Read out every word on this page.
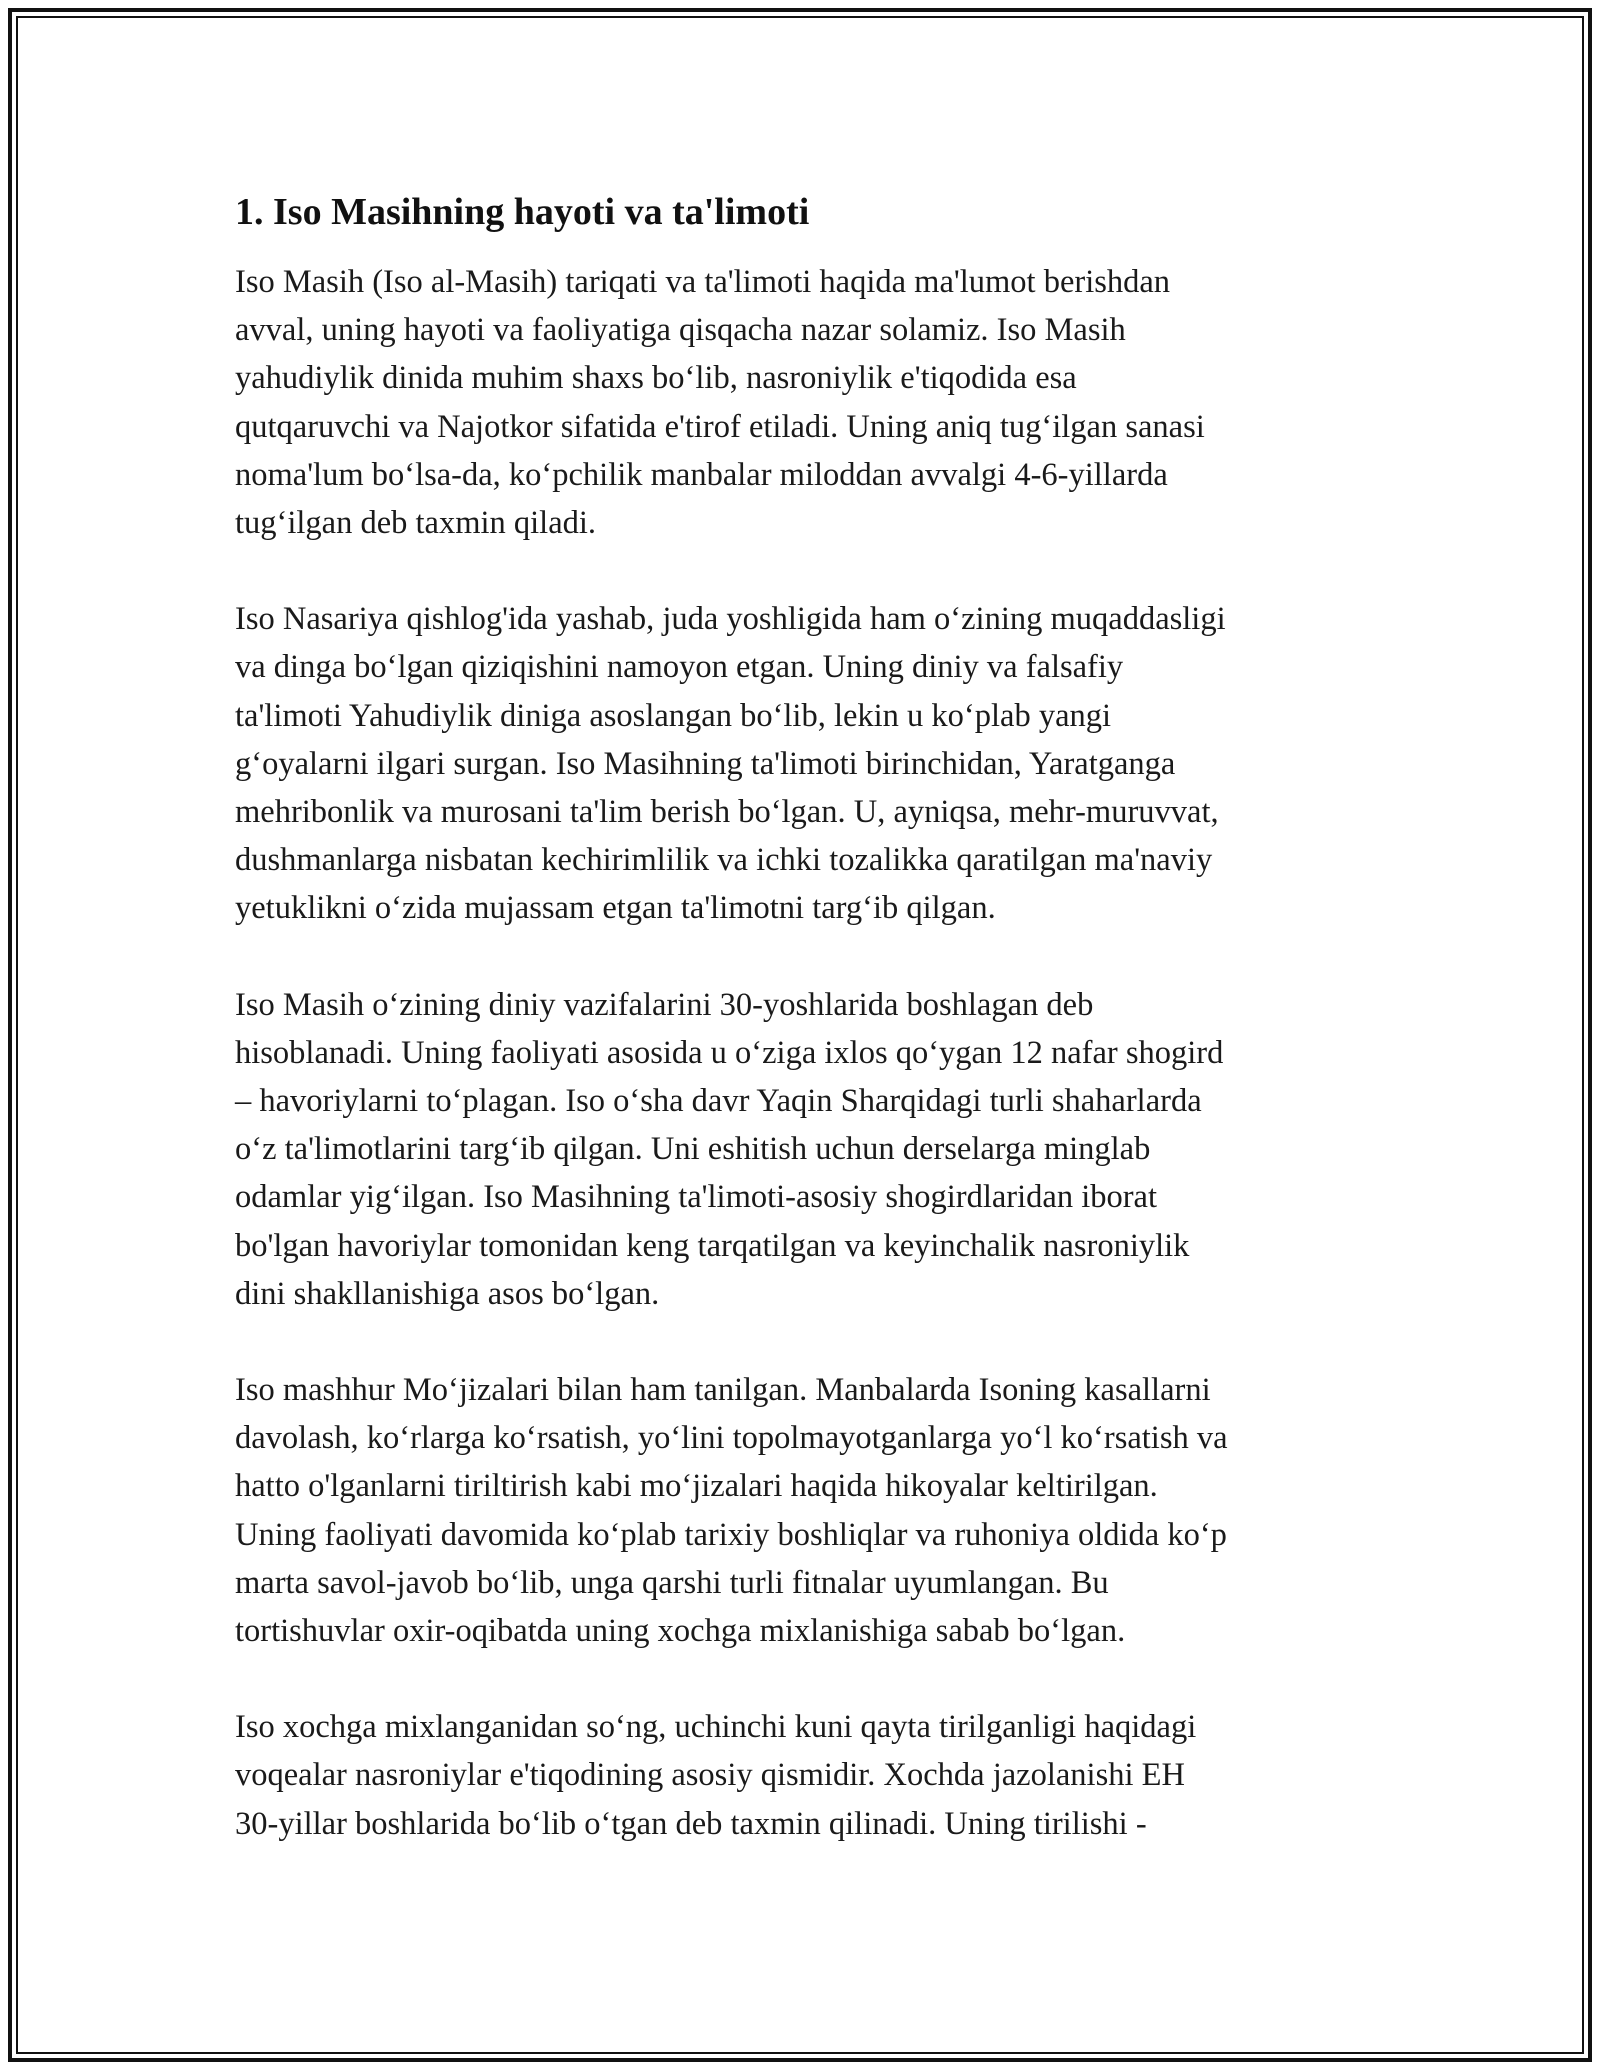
1. Iso Masihning hayoti va ta'limoti
Iso Masih (Iso al-Masih) tariqati va ta'limoti haqida ma'lumot berishdan
avval, uning hayoti va faoliyatiga qisqacha nazar solamiz. Iso Masih
yahudiylik dinida muhim shaxs bo‘lib, nasroniylik e'tiqodida esa
qutqaruvchi va Najotkor sifatida e'tirof etiladi. Uning aniq tug‘ilgan sanasi
noma'lum bo‘lsa-da, ko‘pchilik manbalar miloddan avvalgi 4-6-yillarda
tug‘ilgan deb taxmin qiladi.
Iso Nasariya qishlog'ida yashab, juda yoshligida ham o‘zining muqaddasligi
va dinga bo‘lgan qiziqishini namoyon etgan. Uning diniy va falsafiy
ta'limoti Yahudiylik diniga asoslangan bo‘lib, lekin u ko‘plab yangi
g‘oyalarni ilgari surgan. Iso Masihning ta'limoti birinchidan, Yaratganga
mehribonlik va murosani ta'lim berish bo‘lgan. U, ayniqsa, mehr-muruvvat,
dushmanlarga nisbatan kechirimlilik va ichki tozalikka qaratilgan ma'naviy
yetuklikni o‘zida mujassam etgan ta'limotni targ‘ib qilgan.
Iso Masih o‘zining diniy vazifalarini 30-yoshlarida boshlagan deb
hisoblanadi. Uning faoliyati asosida u o‘ziga ixlos qo‘ygan 12 nafar shogird
– havoriylarni to‘plagan. Iso o‘sha davr Yaqin Sharqidagi turli shaharlarda
o‘z ta'limotlarini targ‘ib qilgan. Uni eshitish uchun derselarga minglab
odamlar yig‘ilgan. Iso Masihning ta'limoti-asosiy shogirdlaridan iborat
bo'lgan havoriylar tomonidan keng tarqatilgan va keyinchalik nasroniylik
dini shakllanishiga asos bo‘lgan.
Iso mashhur Mo‘jizalari bilan ham tanilgan. Manbalarda Isoning kasallarni
davolash, ko‘rlarga ko‘rsatish, yo‘lini topolmayotganlarga yo‘l ko‘rsatish va
hatto o'lganlarni tiriltirish kabi mo‘jizalari haqida hikoyalar keltirilgan.
Uning faoliyati davomida ko‘plab tarixiy boshliqlar va ruhoniya oldida ko‘p
marta savol-javob bo‘lib, unga qarshi turli fitnalar uyumlangan. Bu
tortishuvlar oxir-oqibatda uning xochga mixlanishiga sabab bo‘lgan.
Iso xochga mixlanganidan so‘ng, uchinchi kuni qayta tirilganligi haqidagi
voqealar nasroniylar e'tiqodining asosiy qismidir. Xochda jazolanishi EH
30-yillar boshlarida bo‘lib o‘tgan deb taxmin qilinadi. Uning tirilishi -
